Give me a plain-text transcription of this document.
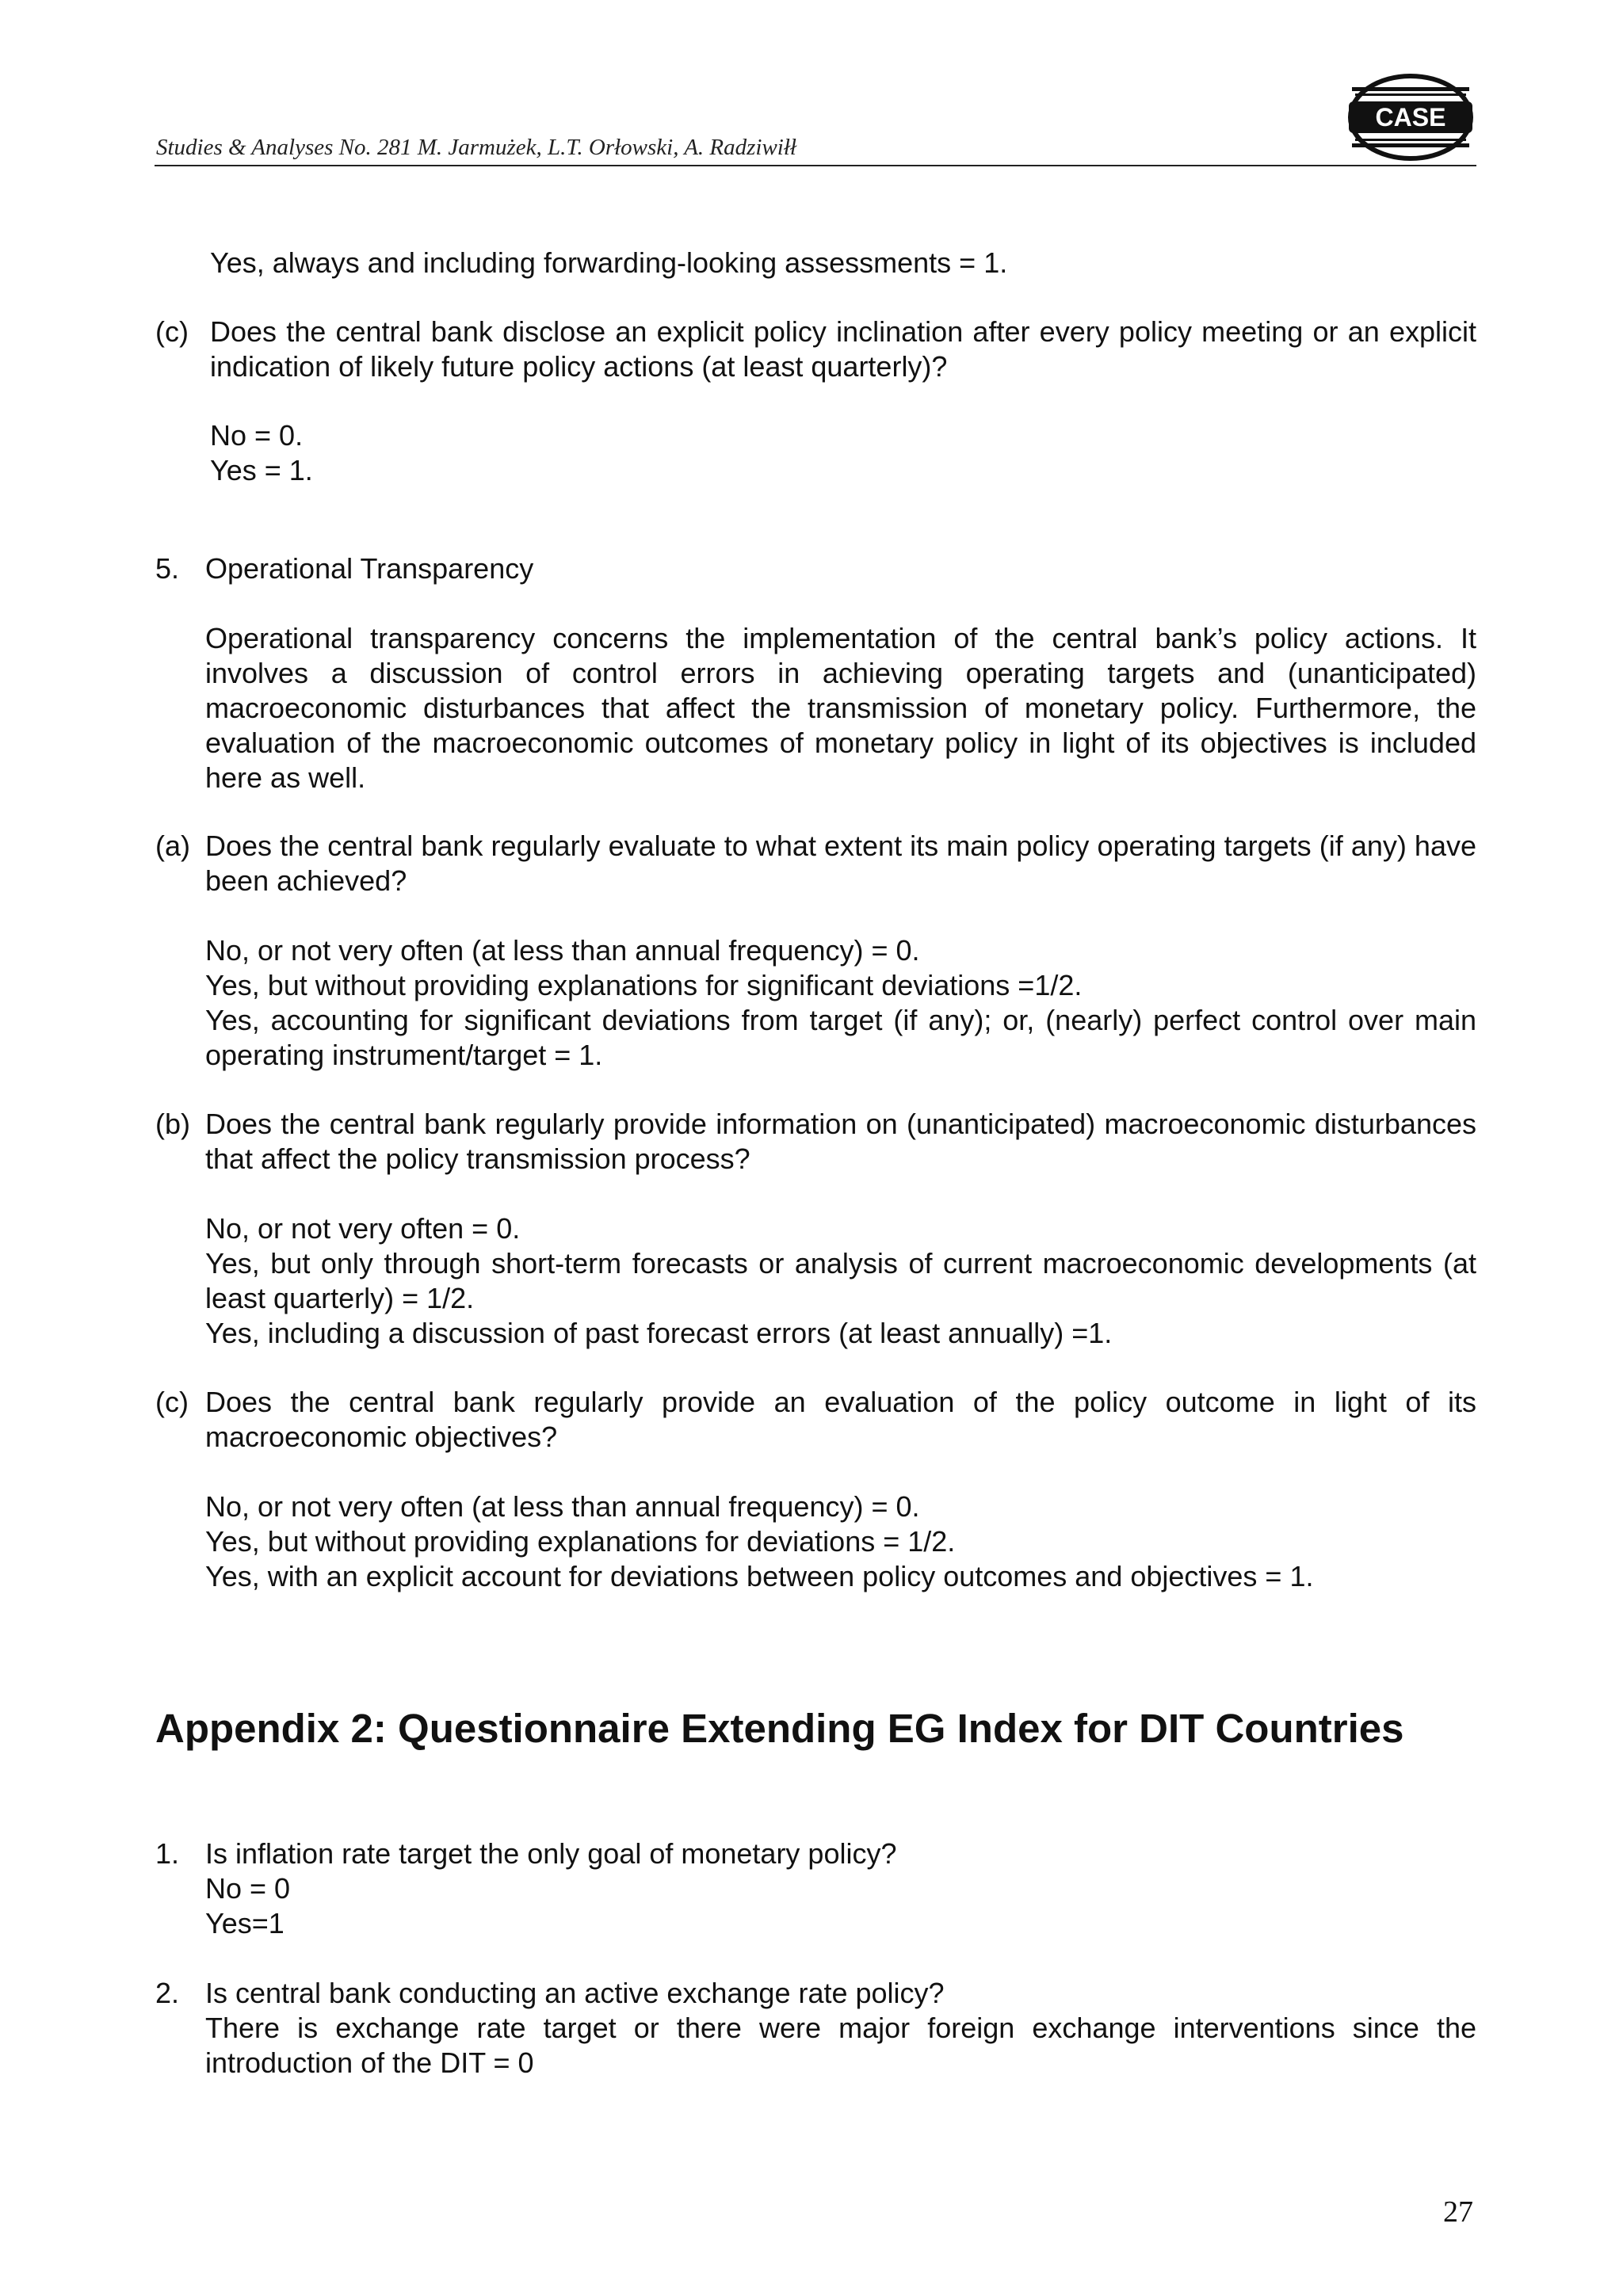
Studies & Analyses No. 281 M. Jarmużek, L.T. Orłowski, A. Radziwiłł
CASE
Yes, always and including forwarding-looking assessments = 1.
(c) Does the central bank disclose an explicit policy inclination after every policy meeting or an explicit indication of likely future policy actions (at least quarterly)?
No = 0.
Yes = 1.
5. Operational Transparency
Operational transparency concerns the implementation of the central bank’s policy actions. It involves a discussion of control errors in achieving operating targets and (unanticipated) macroeconomic disturbances that affect the transmission of monetary policy. Furthermore, the evaluation of the macroeconomic outcomes of monetary policy in light of its objectives is included here as well.
(a) Does the central bank regularly evaluate to what extent its main policy operating targets (if any) have been achieved?
No, or not very often (at less than annual frequency) = 0.
Yes, but without providing explanations for significant deviations =1/2.
Yes, accounting for significant deviations from target (if any); or, (nearly) perfect control over main operating instrument/target = 1.
(b) Does the central bank regularly provide information on (unanticipated) macroeconomic disturbances that affect the policy transmission process?
No, or not very often = 0.
Yes, but only through short-term forecasts or analysis of current macroeconomic developments (at least quarterly) = 1/2.
Yes, including a discussion of past forecast errors (at least annually) =1.
(c) Does the central bank regularly provide an evaluation of the policy outcome in light of its macroeconomic objectives?
No, or not very often (at less than annual frequency) = 0.
Yes, but without providing explanations for deviations = 1/2.
Yes, with an explicit account for deviations between policy outcomes and objectives = 1.
Appendix 2: Questionnaire Extending EG Index for DIT Countries
1. Is inflation rate target the only goal of monetary policy?
No = 0
Yes=1
2. Is central bank conducting an active exchange rate policy?
There is exchange rate target or there were major foreign exchange interventions since the introduction of the DIT = 0
27
